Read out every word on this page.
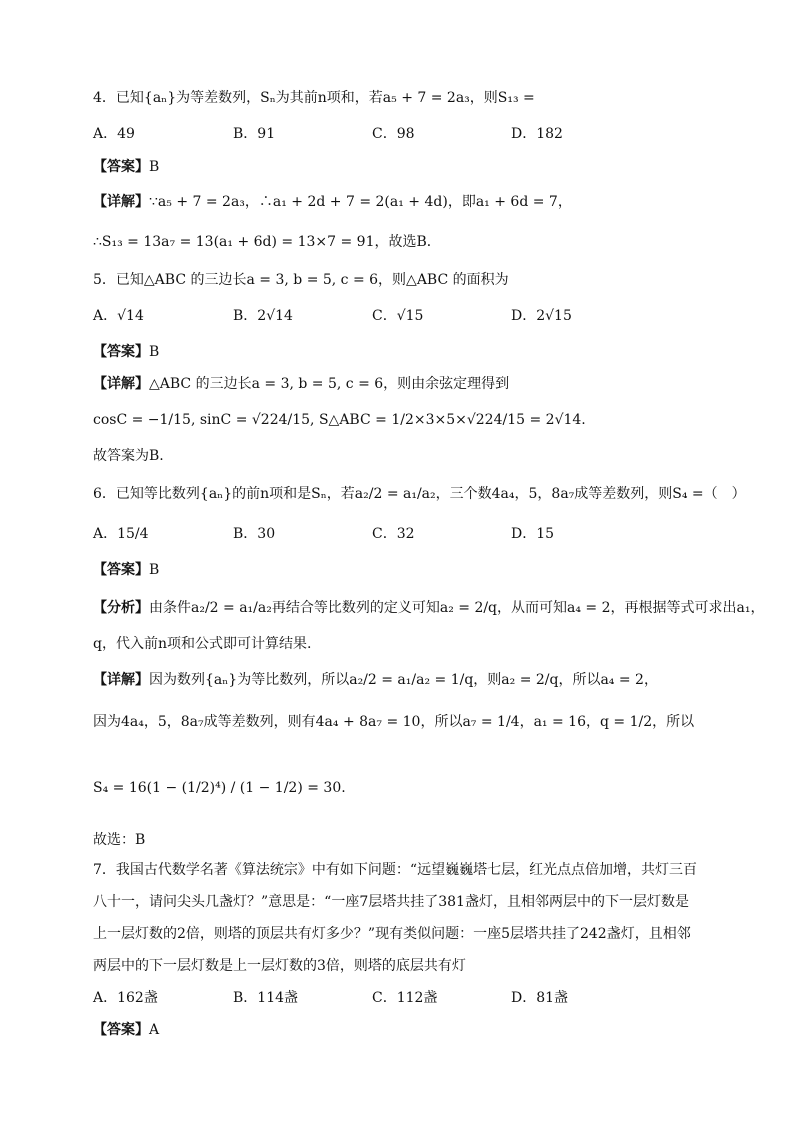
4．已知{aₙ}为等差数列，Sₙ为其前n项和，若a₅ + 7 = 2a₃，则S₁₃ =
A．49	B．91	C．98	D．182
【答案】B
【详解】∵a₅ + 7 = 2a₃，∴a₁ + 2d + 7 = 2(a₁ + 4d)，即a₁ + 6d = 7，
∴S₁₃ = 13a₇ = 13(a₁ + 6d) = 13×7 = 91，故选B．
5．已知△ABC 的三边长a = 3, b = 5, c = 6，则△ABC 的面积为
A．√14	B．2√14	C．√15	D．2√15
【答案】B
【详解】△ABC 的三边长a = 3, b = 5, c = 6，则由余弦定理得到
cosC = −1/15, sinC = √224/15, S△ABC = 1/2×3×5×√224/15 = 2√14.
故答案为B.
6．已知等比数列{aₙ}的前n项和是Sₙ，若a₂/2 = a₁/a₂，三个数4a₄，5，8a₇成等差数列，则S₄ =（　）
A．15/4	B．30	C．32	D．15
【答案】B
【分析】由条件a₂/2 = a₁/a₂再结合等比数列的定义可知a₂ = 2/q，从而可知a₄ = 2，再根据等式可求出a₁，
q，代入前n项和公式即可计算结果.
【详解】因为数列{aₙ}为等比数列，所以a₂/2 = a₁/a₂ = 1/q，则a₂ = 2/q，所以a₄ = 2，
因为4a₄，5，8a₇成等差数列，则有4a₄ + 8a₇ = 10，所以a₇ = 1/4，a₁ = 16，q = 1/2，所以
S₄ = 16(1 − (1/2)⁴) / (1 − 1/2) = 30.
故选：B
7．我国古代数学名著《算法统宗》中有如下问题：“远望巍巍塔七层，红光点点倍加增，共灯三百
八十一，请问尖头几盏灯？”意思是：“一座7层塔共挂了381盏灯，且相邻两层中的下一层灯数是
上一层灯数的2倍，则塔的顶层共有灯多少？”现有类似问题：一座5层塔共挂了242盏灯，且相邻
两层中的下一层灯数是上一层灯数的3倍，则塔的底层共有灯
A．162盏	B．114盏	C．112盏	D．81盏
【答案】A
